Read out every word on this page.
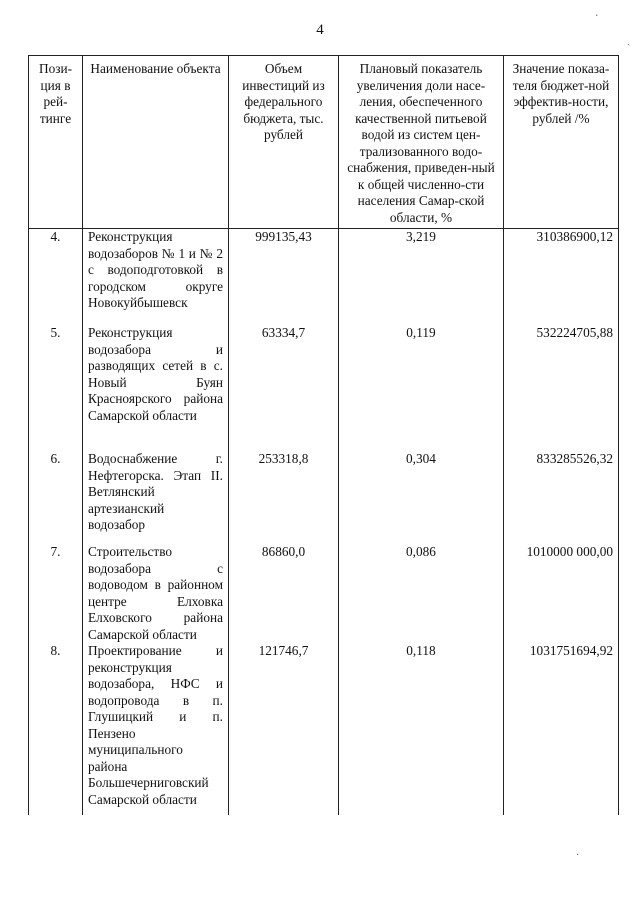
4
٠
ˏ
·
Пози-ция в рей-тинге	Наименование объекта	Объем инвестиций из федерального бюджета, тыс. рублей	Плановый показатель увеличения доли насе-ления, обеспеченного качественной питьевой водой из систем цен-трализованного водо-снабжения, приведен-ный к общей численно-сти населения Самар-ской области, %	Значение показа-теля бюджет-ной эффектив-ности, рублей /%
4.	Реконструкция водозаборов № 1 и № 2 с водоподготовкой в городском округе Новокуйбышевск	999135,43	3,219	310386900,12
5.	Реконструкция водозабора и разводящих сетей в с. Новый Буян Красноярского района Самарской области	63334,7	0,119	532224705,88
6.	Водоснабжение г. Нефтегорска. Этап II. Ветлянский артезианский водозабор	253318,8	0,304	833285526,32
7.	Строительство водозабора с водоводом в районном центре Елховка Елховского района Самарской области	86860,0	0,086	1010000 000,00
8.	Проектирование и реконструкция водозабора, НФС и водопровода в п. Глушицкий и п. Пензено муниципального района Большечерниговский Самарской области	121746,7	0,118	1031751694,92
